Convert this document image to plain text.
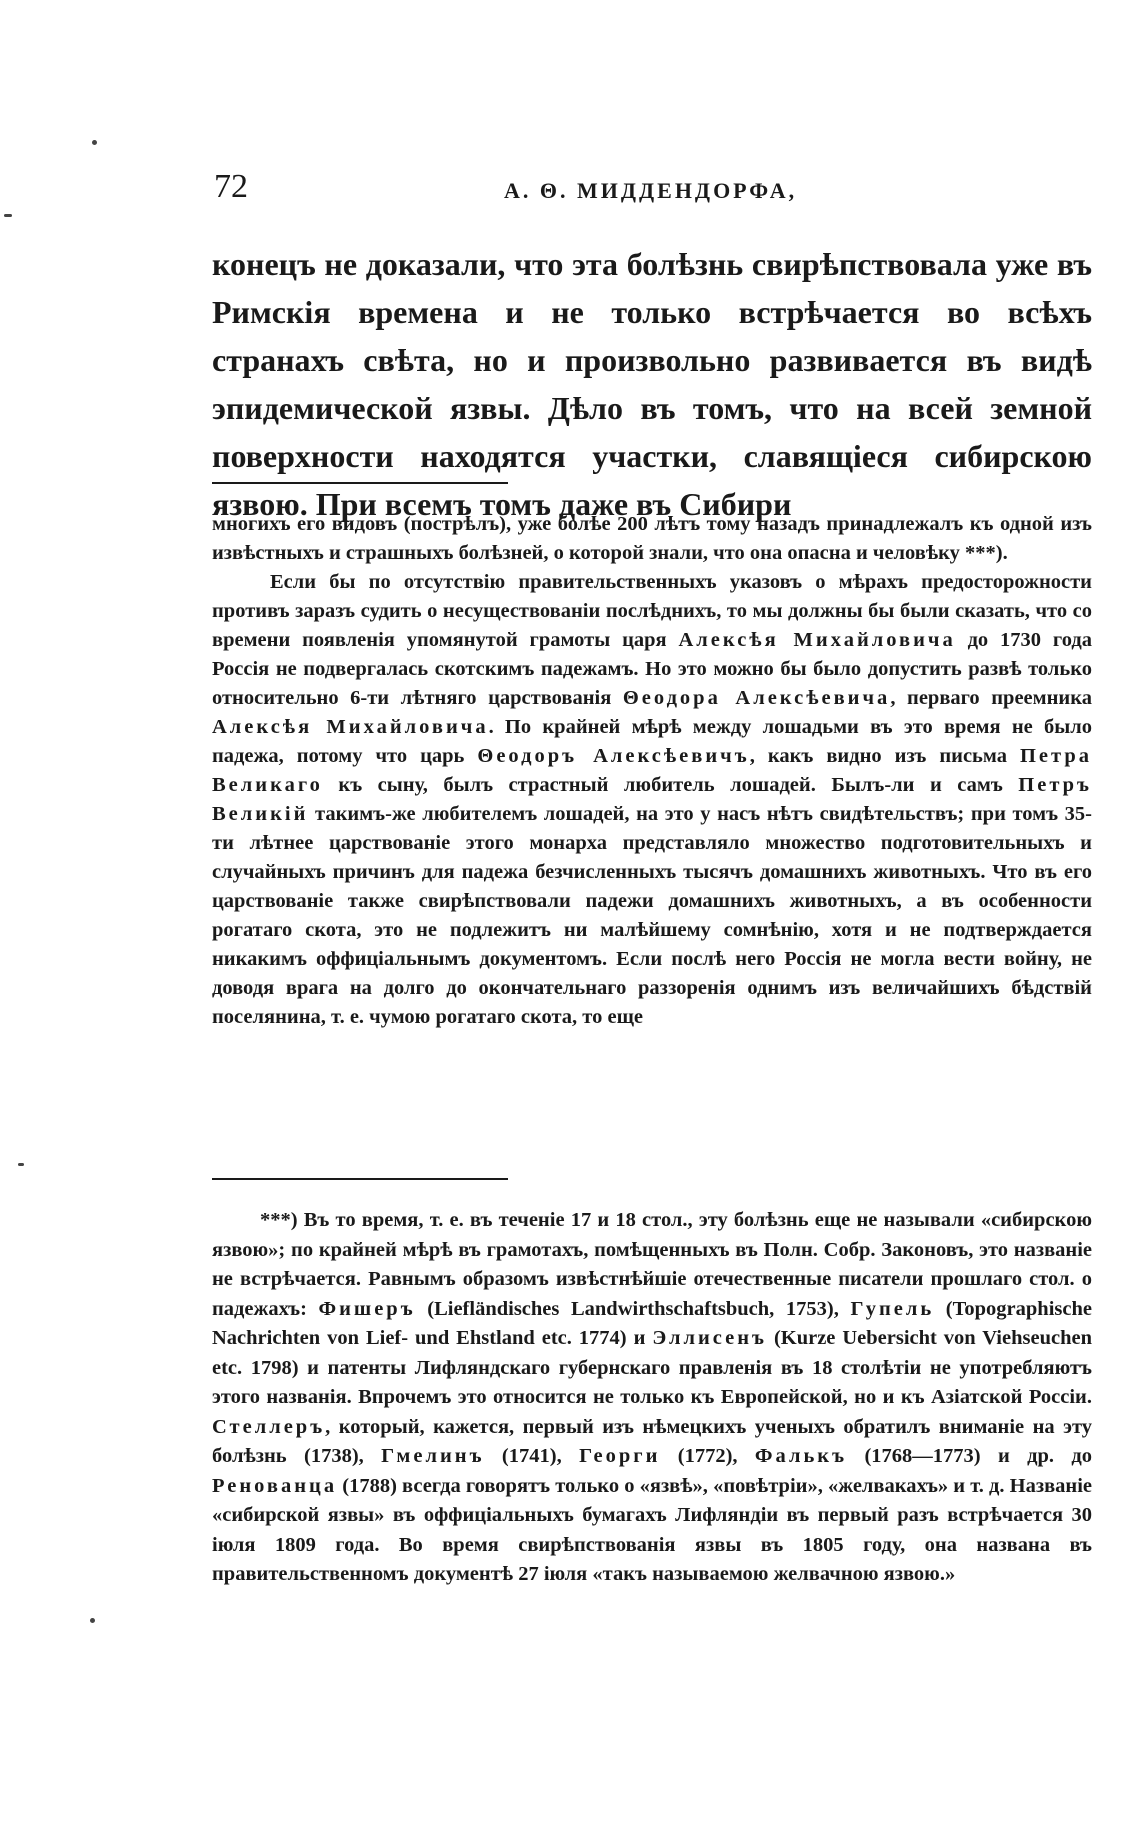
72	А. Θ. МИДДЕНДОРФА,

конецъ не доказали, что эта болѣзнь свирѣпствовала уже въ Римскія времена и не только встрѣчается во всѣхъ странахъ свѣта, но и произвольно развивается въ видѣ эпидемической язвы. Дѣло въ томъ, что на всей земной поверхности находятся участки, славящіеся сибирскою язвою. При всемъ томъ даже въ Сибири

многихъ его видовъ (пострѣлъ), уже болѣе 200 лѣтъ тому назадъ принадлежалъ къ одной изъ извѣстныхъ и страшныхъ болѣзней, о которой знали, что она опасна и человѣку ***).

Если бы по отсутствію правительственныхъ указовъ о мѣрахъ предосторожности противъ заразъ судить о несуществованіи послѣднихъ, то мы должны бы были сказать, что со времени появленія упомянутой грамоты царя Алексѣя Михайловича до 1730 года Россія не подвергалась скотскимъ падежамъ. Но это можно бы было допустить развѣ только относительно 6-ти лѣтняго царствованія Θеодора Алексѣевича, перваго преемника Алексѣя Михайловича. По крайней мѣрѣ между лошадьми въ это время не было падежа, потому что царь Θеодоръ Алексѣевичъ, какъ видно изъ письма Петра Великаго къ сыну, былъ страстный любитель лошадей. Былъ-ли и самъ Петръ Великій такимъ-же любителемъ лошадей, на это у насъ нѣтъ свидѣтельствъ; при томъ 35-ти лѣтнее царствованіе этого монарха представляло множество подготовительныхъ и случайныхъ причинъ для падежа безчисленныхъ тысячъ домашнихъ животныхъ. Что въ его царствованіе также свирѣпствовали падежи домашнихъ животныхъ, а въ особенности рогатаго скота, это не подлежитъ ни малѣйшему сомнѣнію, хотя и не подтверждается никакимъ оффиціальнымъ документомъ. Если послѣ него Россія не могла вести войну, не доводя врага на долго до окончательнаго раззоренія однимъ изъ величайшихъ бѣдствій поселянина, т. е. чумою рогатаго скота, то еще

***) Въ то время, т. е. въ теченіе 17 и 18 стол., эту болѣзнь еще не называли «сибирскою язвою»; по крайней мѣрѣ въ грамотахъ, помѣщенныхъ въ Полн. Собр. Законовъ, это названіе не встрѣчается. Равнымъ образомъ извѣстнѣйшіе отечественные писатели прошлаго стол. о падежахъ: Фишеръ (Liefländisches Landwirthschaftsbuch, 1753), Гупель (Topographische Nachrichten von Lief- und Ehstland etc. 1774) и Эллисенъ (Kurze Uebersicht von Viehseuchen etc. 1798) и патенты Лифляндскаго губернскаго правленія въ 18 столѣтіи не употребляютъ этого названія. Впрочемъ это относится не только къ Европейской, но и къ Азіатской Россіи. Стеллеръ, который, кажется, первый изъ нѣмецкихъ ученыхъ обратилъ вниманіе на эту болѣзнь (1738), Гмелинъ (1741), Георги (1772), Фалькъ (1768—1773) и др. до Ренованца (1788) всегда говорятъ только о «язвѣ», «повѣтріи», «желвакахъ» и т. д. Названіе «сибирской язвы» въ оффиціальныхъ бумагахъ Лифляндіи въ первый разъ встрѣчается 30 іюля 1809 года. Во время свирѣпствованія язвы въ 1805 году, она названа въ правительственномъ документѣ 27 іюля «такъ называемою желвачною язвою.»
